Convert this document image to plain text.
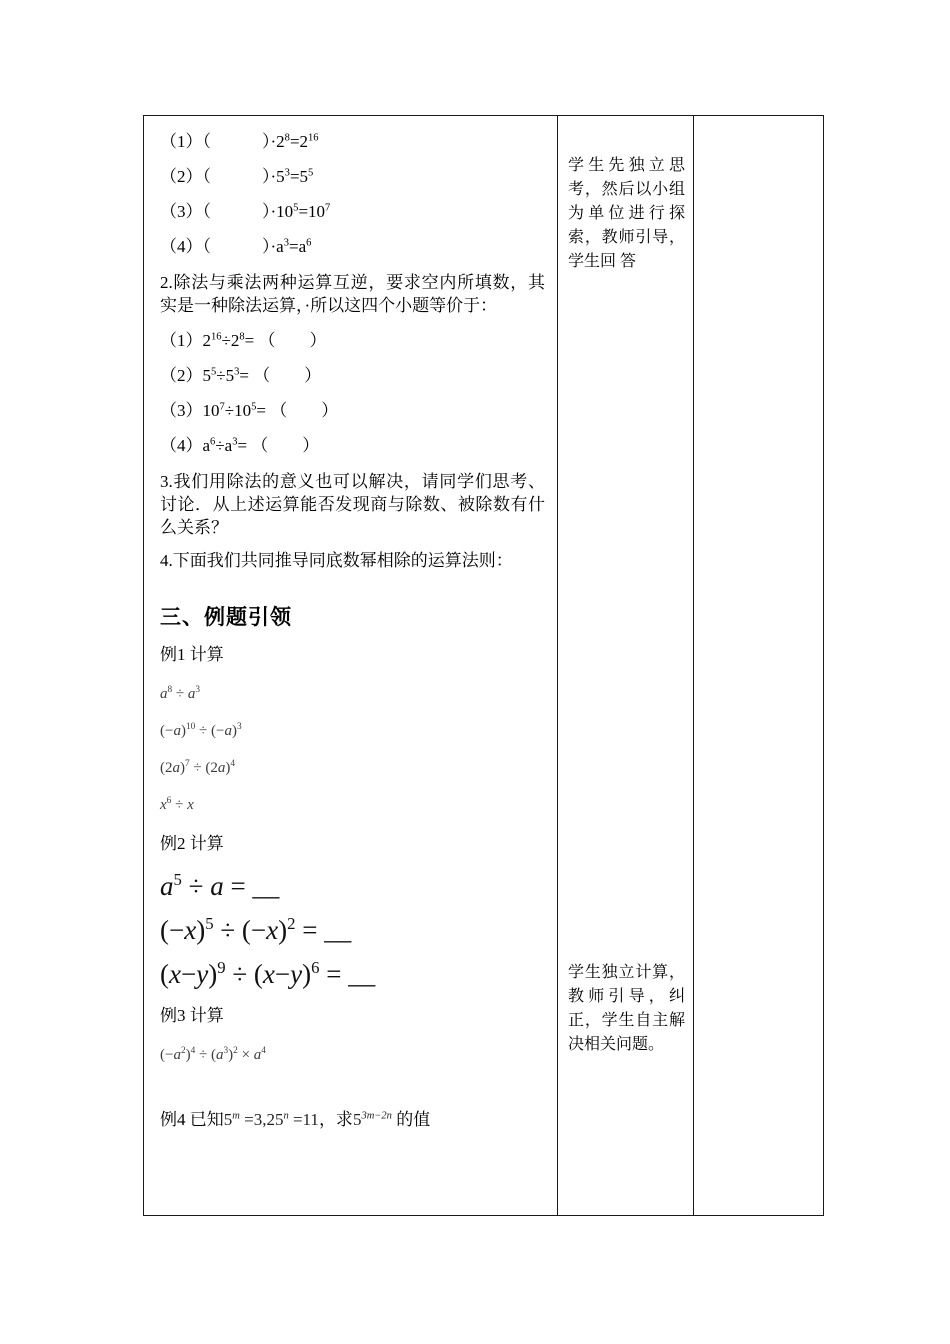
（1）（　　　）$\cdot 2^8=2^{16}$
（2）（　　　）$\cdot 5^3=5^5$
（3）（　　　）$\cdot 10^5=10^7$
（4）（　　　）$\cdot a^3=a^6$

2.除法与乘法两种运算互逆，要求空内所填数，其实是一种除法运算，·所以这四个小题等价于：

$(1)2^{16}\div 2^8=$ （　　）
$(2)5^5\div 5^3=$ （　　）
$(3)10^7\div 10^5=$ （　　）
$(4)a^6\div a^3=$ （　　）

3.我们用除法的意义也可以解决，请同学们思考、讨论．从上述运算能否发现商与除数、被除数有什么关系？

4.下面我们共同推导同底数幂相除的运算法则：

三、例题引领

例1 计算

$a^8 \div a^3$
$(-a)^{10} \div (-a)^3$
$(2a)^7 \div (2a)^4$
$x^6 \div x$

例2 计算

$a^5 \div a$ = __
$(-x)^5 \div (-x)^2$ = __
$(x-y)^9 \div (x-y)^6$ = __

例3 计算

$(-a^2)^4 \div (a^3)^2 \times a^4$

例4 已知$5^m =3,25^n =11$，求$5^{3m-2n}$ 的值

学生先独立思考，然后以小组为单位进行探索，教师引导，学生回 答

学生独立计算，教师引导，纠正，学生自主解决相关问题。
